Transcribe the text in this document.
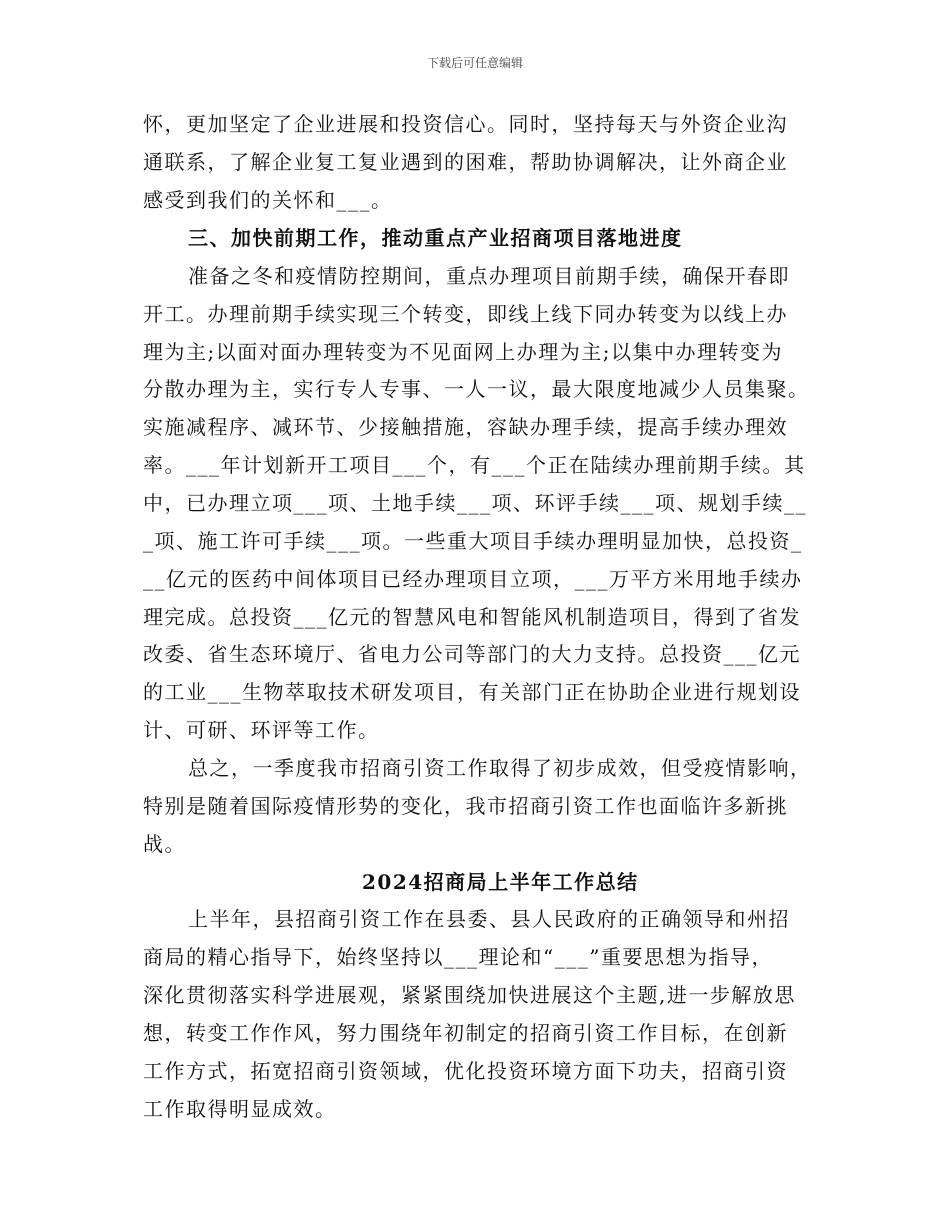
下载后可任意编辑
怀，更加坚定了企业进展和投资信心。同时，坚持每天与外资企业沟
通联系，了解企业复工复业遇到的困难，帮助协调解决，让外商企业
感受到我们的关怀和___。
三、加快前期工作，推动重点产业招商项目落地进度
准备之冬和疫情防控期间，重点办理项目前期手续，确保开春即
开工。办理前期手续实现三个转变，即线上线下同办转变为以线上办
理为主;以面对面办理转变为不见面网上办理为主;以集中办理转变为
分散办理为主，实行专人专事、一人一议，最大限度地减少人员集聚。
实施减程序、减环节、少接触措施，容缺办理手续，提高手续办理效
率。___年计划新开工项目___个，有___个正在陆续办理前期手续。其
中，已办理立项___项、土地手续___项、环评手续___项、规划手续__
_项、施工许可手续___项。一些重大项目手续办理明显加快，总投资_
__亿元的医药中间体项目已经办理项目立项，___万平方米用地手续办
理完成。总投资___亿元的智慧风电和智能风机制造项目，得到了省发
改委、省生态环境厅、省电力公司等部门的大力支持。总投资___亿元
的工业___生物萃取技术研发项目，有关部门正在协助企业进行规划设
计、可研、环评等工作。
总之，一季度我市招商引资工作取得了初步成效，但受疫情影响，
特别是随着国际疫情形势的变化，我市招商引资工作也面临许多新挑
战。
2024招商局上半年工作总结
上半年，县招商引资工作在县委、县人民政府的正确领导和州招
商局的精心指导下，始终坚持以___理论和“___”重要思想为指导，
深化贯彻落实科学进展观，紧紧围绕加快进展这个主题,进一步解放思
想，转变工作作风，努力围绕年初制定的招商引资工作目标，在创新
工作方式，拓宽招商引资领域，优化投资环境方面下功夫，招商引资
工作取得明显成效。
